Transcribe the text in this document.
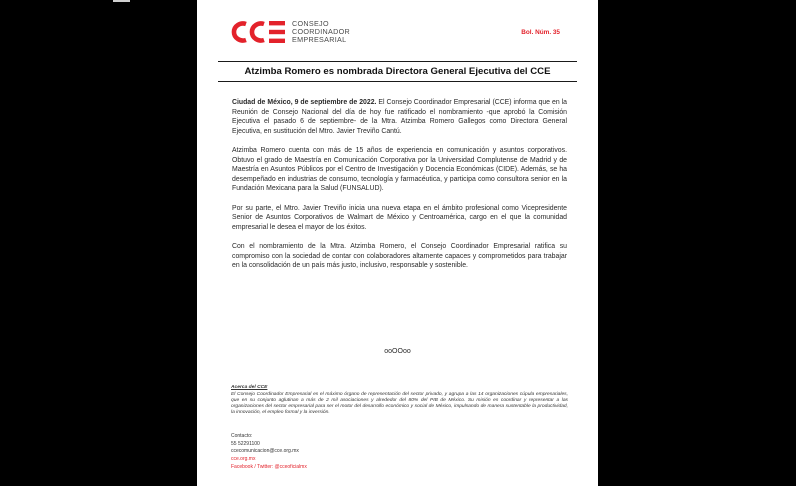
CONSEJO
COORDINADOR
EMPRESARIAL
Bol. Núm. 35
Atzimba Romero es nombrada Directora General Ejecutiva del CCE

Ciudad de México, 9 de septiembre de 2022. El Consejo Coordinador Empresarial (CCE) informa que en la Reunión de Consejo Nacional del día de hoy fue ratificado el nombramiento -que aprobó la Comisión Ejecutiva el pasado 6 de septiembre- de la Mtra. Atzimba Romero Gallegos como Directora General Ejecutiva, en sustitución del Mtro. Javier Treviño Cantú.

Atzimba Romero cuenta con más de 15 años de experiencia en comunicación y asuntos corporativos. Obtuvo el grado de Maestría en Comunicación Corporativa por la Universidad Complutense de Madrid y de Maestría en Asuntos Públicos por el Centro de Investigación y Docencia Económicas (CIDE). Además, se ha desempeñado en industrias de consumo, tecnología y farmacéutica, y participa como consultora senior en la Fundación Mexicana para la Salud (FUNSALUD).

Por su parte, el Mtro. Javier Treviño inicia una nueva etapa en el ámbito profesional como Vicepresidente Senior de Asuntos Corporativos de Walmart de México y Centroamérica, cargo en el que la comunidad empresarial le desea el mayor de los éxitos.

Con el nombramiento de la Mtra. Atzimba Romero, el Consejo Coordinador Empresarial ratifica su compromiso con la sociedad de contar con colaboradores altamente capaces y comprometidos para trabajar en la consolidación de un país más justo, inclusivo, responsable y sostenible.

ooOOoo
Acerca del CCE
El Consejo Coordinador Empresarial es el máximo órgano de representación del sector privado, y agrupa a las 14 organizaciones cúpula empresariales, que en su conjunto aglutinan a más de 2 mil asociaciones y alrededor del 80% del PIB de México. Su misión es coordinar y representar a las organizaciones del sector empresarial para ser el motor del desarrollo económico y social de México, impulsando de manera sustentable la productividad, la innovación, el empleo formal y la inversión.
Contacto:
55 52291100
ccecomunicacion@cce.org.mx
cce.org.mx
Facebook / Twitter: @cceoficialmx
